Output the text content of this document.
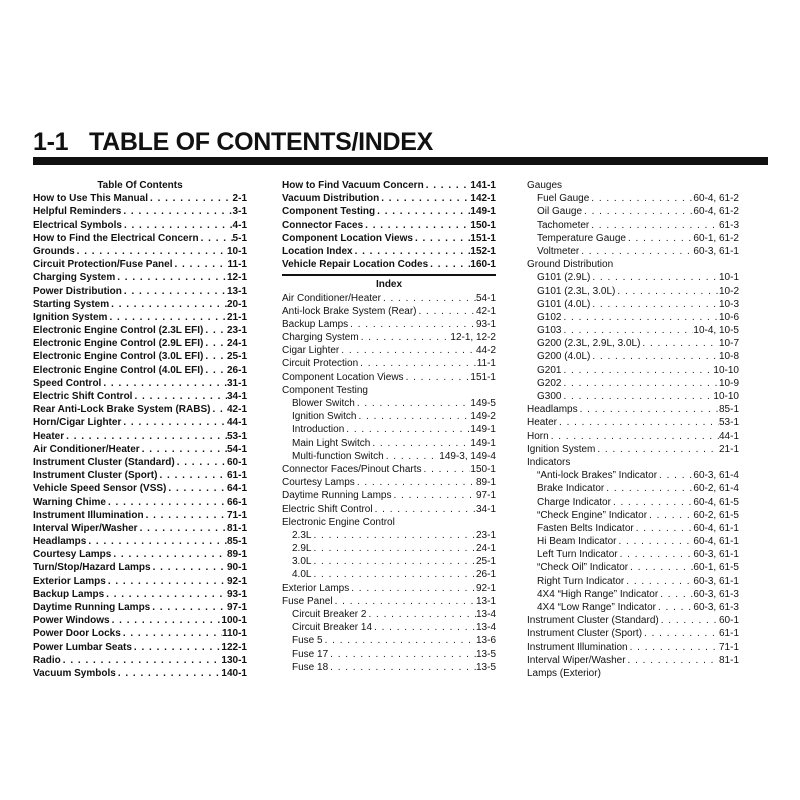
1-1 TABLE OF CONTENTS/INDEX
Table Of Contents
How to Use This Manual . . .	2-1
Helpful Reminders . . .	3-1
Electrical Symbols . . .	4-1
How to Find the Electrical Concern . . .	5-1
Grounds . . .	10-1
Circuit Protection/Fuse Panel . . .	11-1
Charging System . . .	12-1
Power Distribution . . .	13-1
Starting System . . .	20-1
Ignition System . . .	21-1
Electronic Engine Control (2.3L EFI) . . . 23-1
Electronic Engine Control (2.9L EFI) . . . 24-1
Electronic Engine Control (3.0L EFI) . . . 25-1
Electronic Engine Control (4.0L EFI) . . . 26-1
Speed Control . . .	31-1
Electric Shift Control . . .	34-1
Rear Anti-Lock Brake System (RABS) . . . 42-1
Horn/Cigar Lighter . . .	44-1
Heater . . .	53-1
Air Conditioner/Heater . . .	54-1
Instrument Cluster (Standard) . . .	60-1
Instrument Cluster (Sport) . . .	61-1
Vehicle Speed Sensor (VSS) . . .	64-1
Warning Chime . . .	66-1
Instrument Illumination . . .	71-1
Interval Wiper/Washer . . .	81-1
Headlamps . . .	85-1
Courtesy Lamps . . .	89-1
Turn/Stop/Hazard Lamps . . .	90-1
Exterior Lamps . . .	92-1
Backup Lamps . . .	93-1
Daytime Running Lamps . . .	97-1
Power Windows . . .	100-1
Power Door Locks . . .	110-1
Power Lumbar Seats . . .	122-1
Radio . . .	130-1
Vacuum Symbols . . .	140-1
How to Find Vacuum Concern . . .	141-1
Vacuum Distribution . . .	142-1
Component Testing . . .	149-1
Connector Faces . . .	150-1
Component Location Views . . .	151-1
Location Index . . .	152-1
Vehicle Repair Location Codes . . .	160-1
Index
Air Conditioner/Heater . . .	54-1
Anti-lock Brake System (Rear) . . .	42-1
Backup Lamps . . .	93-1
Charging System . . .	12-1, 12-2
Cigar Lighter . . .	44-2
Circuit Protection . . .	11-1
Component Location Views . . .	151-1
Component Testing
Blower Switch . . .	149-5
Ignition Switch . . .	149-2
Introduction . . .	149-1
Main Light Switch . . .	149-1
Multi-function Switch . . .	149-3, 149-4
Connector Faces/Pinout Charts . . .	150-1
Courtesy Lamps . . .	89-1
Daytime Running Lamps . . .	97-1
Electric Shift Control . . .	34-1
Electronic Engine Control
2.3L . . .	23-1
2.9L . . .	24-1
3.0L . . .	25-1
4.0L . . .	26-1
Exterior Lamps . . .	92-1
Fuse Panel . . .	13-1
Circuit Breaker 2 . . .	13-4
Circuit Breaker 14 . . .	13-4
Fuse 5 . . .	13-6
Fuse 17 . . .	13-5
Fuse 18 . . .	13-5
Gauges
Fuel Gauge . . .	60-4, 61-2
Oil Gauge . . .	60-4, 61-2
Tachometer . . .	61-3
Temperature Gauge . . .	60-1, 61-2
Voltmeter . . .	60-3, 61-1
Ground Distribution
G101 (2.9L) . . .	10-1
G101 (2.3L, 3.0L) . . .	10-2
G101 (4.0L) . . .	10-3
G102 . . .	10-6
G103 . . .	10-4, 10-5
G200 (2.3L, 2.9L, 3.0L) . . .	10-7
G200 (4.0L) . . .	10-8
G201 . . .	10-10
G202 . . .	10-9
G300 . . .	10-10
Headlamps . . .	85-1
Heater . . .	53-1
Horn . . .	44-1
Ignition System . . .	21-1
Indicators
“Anti-lock Brakes” Indicator . . .	60-3, 61-4
Brake Indicator . . .	60-2, 61-4
Charge Indicator . . .	60-4, 61-5
“Check Engine” Indicator . . .	60-2, 61-5
Fasten Belts Indicator . . .	60-4, 61-1
Hi Beam Indicator . . .	60-4, 61-1
Left Turn Indicator . . .	60-3, 61-1
“Check Oil” Indicator . . .	60-1, 61-5
Right Turn Indicator . . .	60-3, 61-1
4X4 “High Range” Indicator . . .	60-3, 61-3
4X4 “Low Range” Indicator . . .	60-3, 61-3
Instrument Cluster (Standard) . . .	60-1
Instrument Cluster (Sport) . . .	61-1
Instrument Illumination . . .	71-1
Interval Wiper/Washer . . .	81-1
Lamps (Exterior)
